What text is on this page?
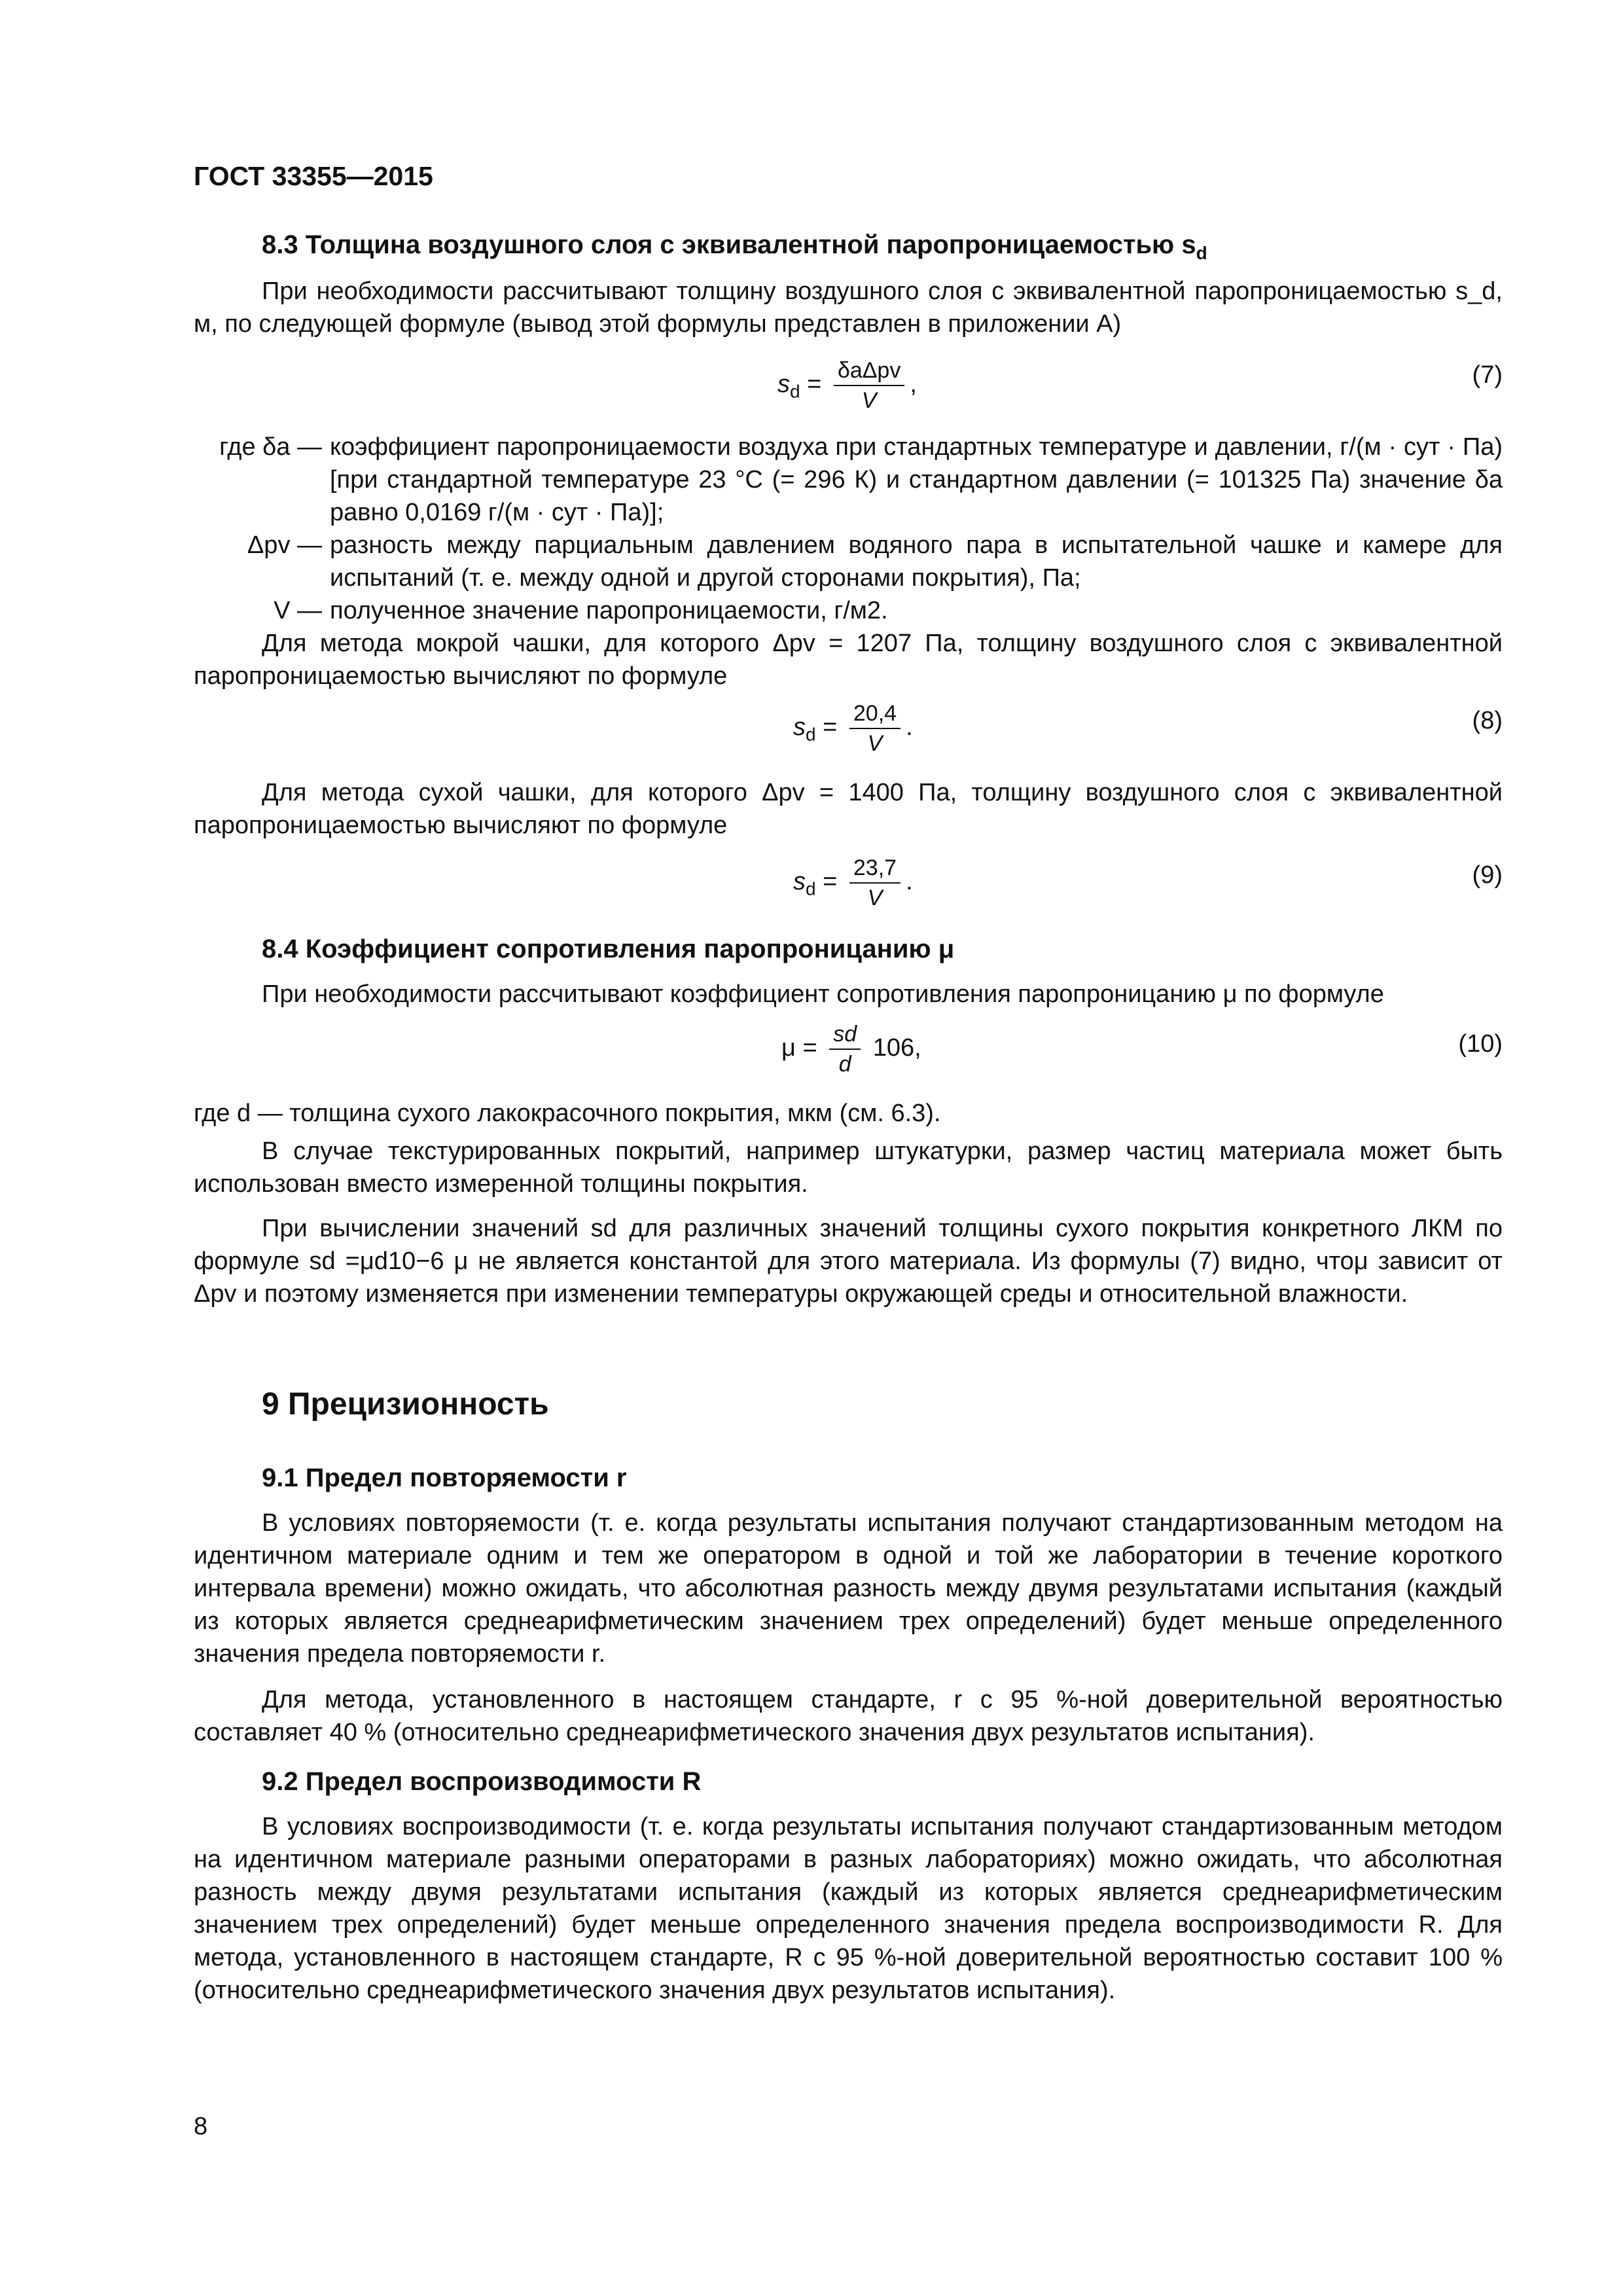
ГОСТ 33355—2015
8.3 Толщина воздушного слоя с эквивалентной паропроницаемостью $s_d$

При необходимости рассчитывают толщину воздушного слоя с эквивалентной паропроницаемостью s_d, м, по следующей формуле (вывод этой формулы представлен в приложении А)

$s_d = \frac{\text{δaΔpv}}{V}$ ,	(7)
где δa — коэффициент паропроницаемости воздуха при стандартных температуре и давлении, г/(м · сут · Па) [при стандартной температуре 23 °С (= 296 К) и стандартном давлении (= 101325 Па) значение δa равно 0,0169 г/(м · сут · Па)];
Δpv — разность между парциальным давлением водяного пара в испытательной чашке и камере для испытаний (т. е. между одной и другой сторонами покрытия), Па;
V — полученное значение паропроницаемости, г/м2.

Для метода мокрой чашки, для которого Δpv = 1207 Па, толщину воздушного слоя с эквивалентной паропроницаемостью вычисляют по формуле

$s_d = \frac{20,4}{V}$ .	(8)

Для метода сухой чашки, для которого Δpv = 1400 Па, толщину воздушного слоя с эквивалентной паропроницаемостью вычисляют по формуле

$s_d = \frac{23,7}{V}$ .	(9)
8.4 Коэффициент сопротивления паропроницанию μ

При необходимости рассчитывают коэффициент сопротивления паропроницанию μ по формуле

$\mu = \frac{sd}{d} 106$,	(10)

где d — толщина сухого лакокрасочного покрытия, мкм (см. 6.3).

В случае текстурированных покрытий, например штукатурки, размер частиц материала может быть использован вместо измеренной толщины покрытия.

При вычислении значений sd для различных значений толщины сухого покрытия конкретного ЛКМ по формуле sd =μd10−6 μ не является константой для этого материала. Из формулы (7) видно, чтоμ зависит от Δpv и поэтому изменяется при изменении температуры окружающей среды и относительной влажности.

9 Прецизионность
9.1 Предел повторяемости r

В условиях повторяемости (т. е. когда результаты испытания получают стандартизованным методом на идентичном материале одним и тем же оператором в одной и той же лаборатории в течение короткого интервала времени) можно ожидать, что абсолютная разность между двумя результатами испытания (каждый из которых является среднеарифметическим значением трех определений) будет меньше определенного значения предела повторяемости r.

Для метода, установленного в настоящем стандарте, r с 95 %-ной доверительной вероятностью составляет 40 % (относительно среднеарифметического значения двух результатов испытания).

9.2 Предел воспроизводимости R

В условиях воспроизводимости (т. е. когда результаты испытания получают стандартизованным методом на идентичном материале разными операторами в разных лабораториях) можно ожидать, что абсолютная разность между двумя результатами испытания (каждый из которых является среднеарифметическим значением трех определений) будет меньше определенного значения предела воспроизводимости R. Для метода, установленного в настоящем стандарте, R с 95 %-ной доверительной вероятностью составит 100 % (относительно среднеарифметического значения двух результатов испытания).

8
